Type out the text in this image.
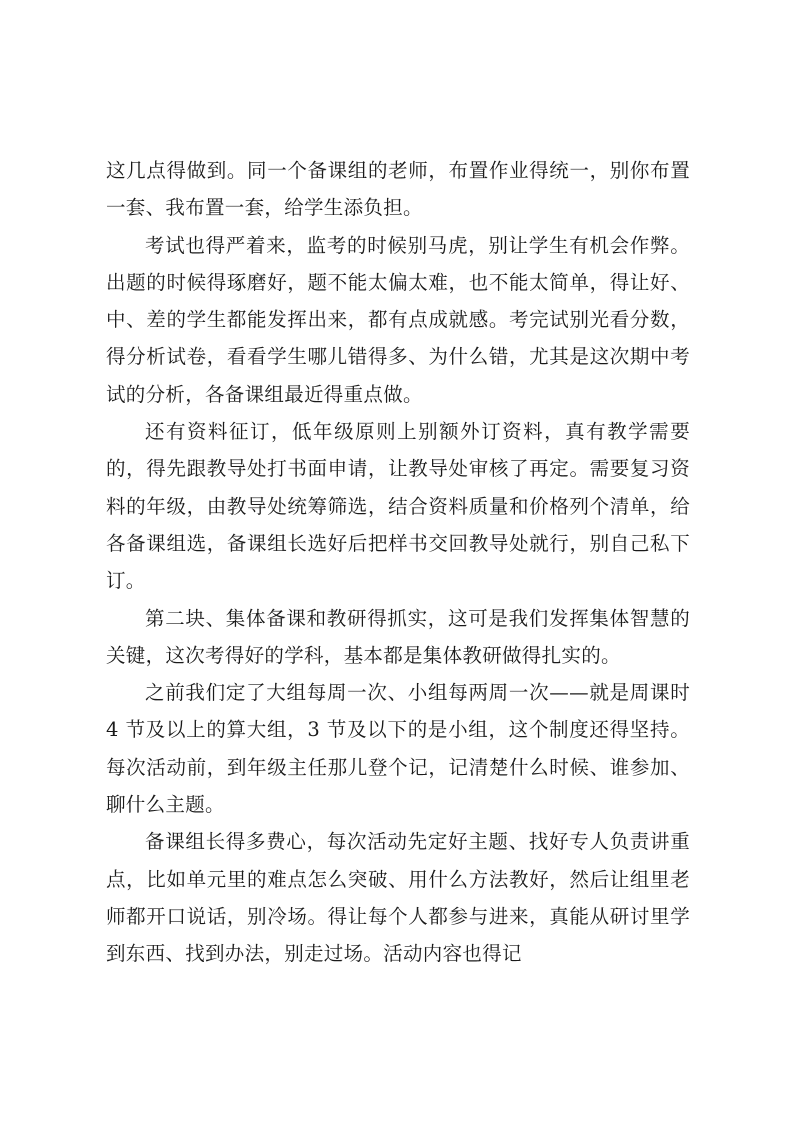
这几点得做到。同一个备课组的老师，布置作业得统一，别你布置一套、我布置一套，给学生添负担。

考试也得严着来，监考的时候别马虎，别让学生有机会作弊。出题的时候得琢磨好，题不能太偏太难，也不能太简单，得让好、中、差的学生都能发挥出来，都有点成就感。考完试别光看分数，得分析试卷，看看学生哪儿错得多、为什么错，尤其是这次期中考试的分析，各备课组最近得重点做。

还有资料征订，低年级原则上别额外订资料，真有教学需要的，得先跟教导处打书面申请，让教导处审核了再定。需要复习资料的年级，由教导处统筹筛选，结合资料质量和价格列个清单，给各备课组选，备课组长选好后把样书交回教导处就行，别自己私下订。

第二块、集体备课和教研得抓实，这可是我们发挥集体智慧的关键，这次考得好的学科，基本都是集体教研做得扎实的。

之前我们定了大组每周一次、小组每两周一次——就是周课时 4 节及以上的算大组，3 节及以下的是小组，这个制度还得坚持。每次活动前，到年级主任那儿登个记，记清楚什么时候、谁参加、聊什么主题。

备课组长得多费心，每次活动先定好主题、找好专人负责讲重点，比如单元里的难点怎么突破、用什么方法教好，然后让组里老师都开口说话，别冷场。得让每个人都参与进来，真能从研讨里学到东西、找到办法，别走过场。活动内容也得记
